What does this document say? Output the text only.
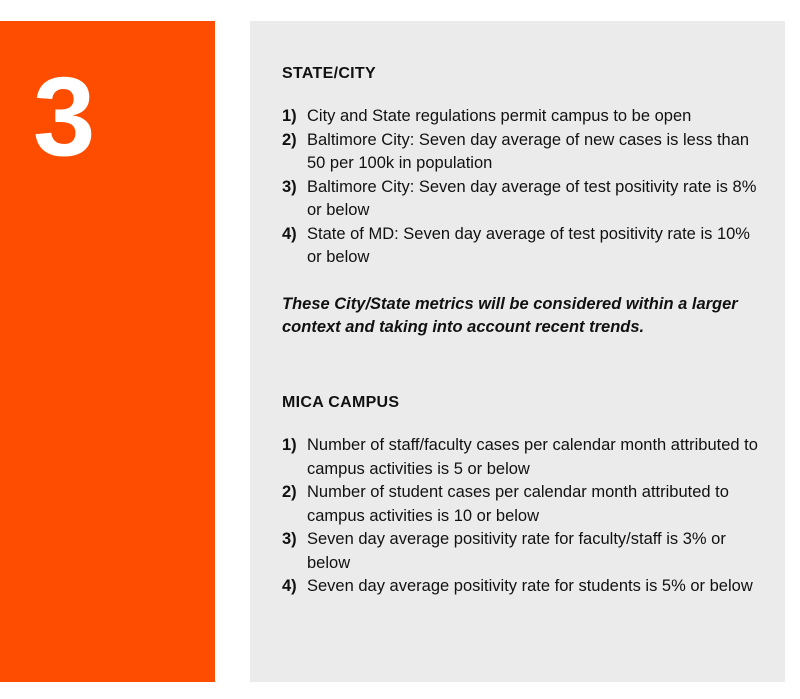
3	STATE/CITY
1) City and State regulations permit campus to be open
2) Baltimore City: Seven day average of new cases is less than 50 per 100k in population
3) Baltimore City: Seven day average of test positivity rate is 8% or below
4) State of MD: Seven day average of test positivity rate is 10% or below
These City/State metrics will be considered within a larger context and taking into account recent trends.
MICA CAMPUS
1) Number of staff/faculty cases per calendar month attributed to campus activities is 5 or below
2) Number of student cases per calendar month attributed to campus activities is 10 or below
3) Seven day average positivity rate for faculty/staff is 3% or below
4) Seven day average positivity rate for students is 5% or below
